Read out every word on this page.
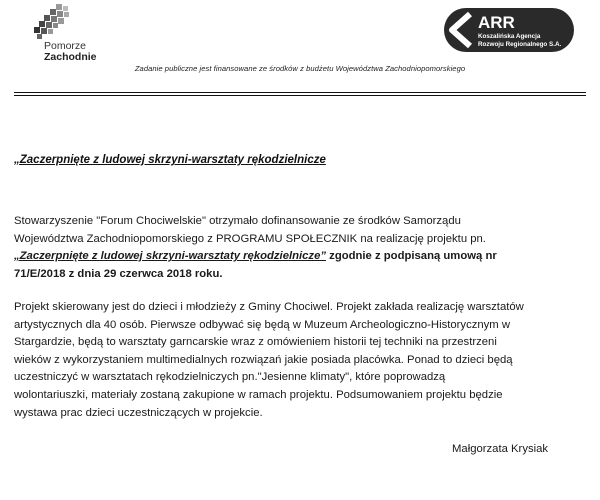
Pomorze
Zachodnie
ARR
Koszalińska Agencja
Rozwoju Regionalnego S.A.
Zadanie publiczne jest finansowane ze środków z budżetu Województwa Zachodniopomorskiego
„Zaczerpnięte z ludowej skrzyni-warsztaty rękodzielnicze

Stowarzyszenie "Forum Chociwelskie" otrzymało dofinansowanie ze środków Samorządu
Województwa Zachodniopomorskiego z PROGRAMU SPOŁECZNIK na realizację projektu pn.
„Zaczerpnięte z ludowej skrzyni-warsztaty rękodzielnicze” zgodnie z podpisaną umową nr
71/E/2018 z dnia 29 czerwca 2018 roku.

Projekt skierowany jest do dzieci i młodzieży z Gminy Chociwel. Projekt zakłada realizację warsztatów
artystycznych dla 40 osób. Pierwsze odbywać się będą w Muzeum Archeologiczno-Historycznym w
Stargardzie, będą to warsztaty garncarskie wraz z omówieniem historii tej techniki na przestrzeni
wieków z wykorzystaniem multimedialnych rozwiązań jakie posiada placówka. Ponad to dzieci będą
uczestniczyć w warsztatach rękodzielniczych pn."Jesienne klimaty", które poprowadzą
wolontariuszki, materiały zostaną zakupione w ramach projektu. Podsumowaniem projektu będzie
wystawa prac dzieci uczestniczących w projekcie.

Małgorzata Krysiak
